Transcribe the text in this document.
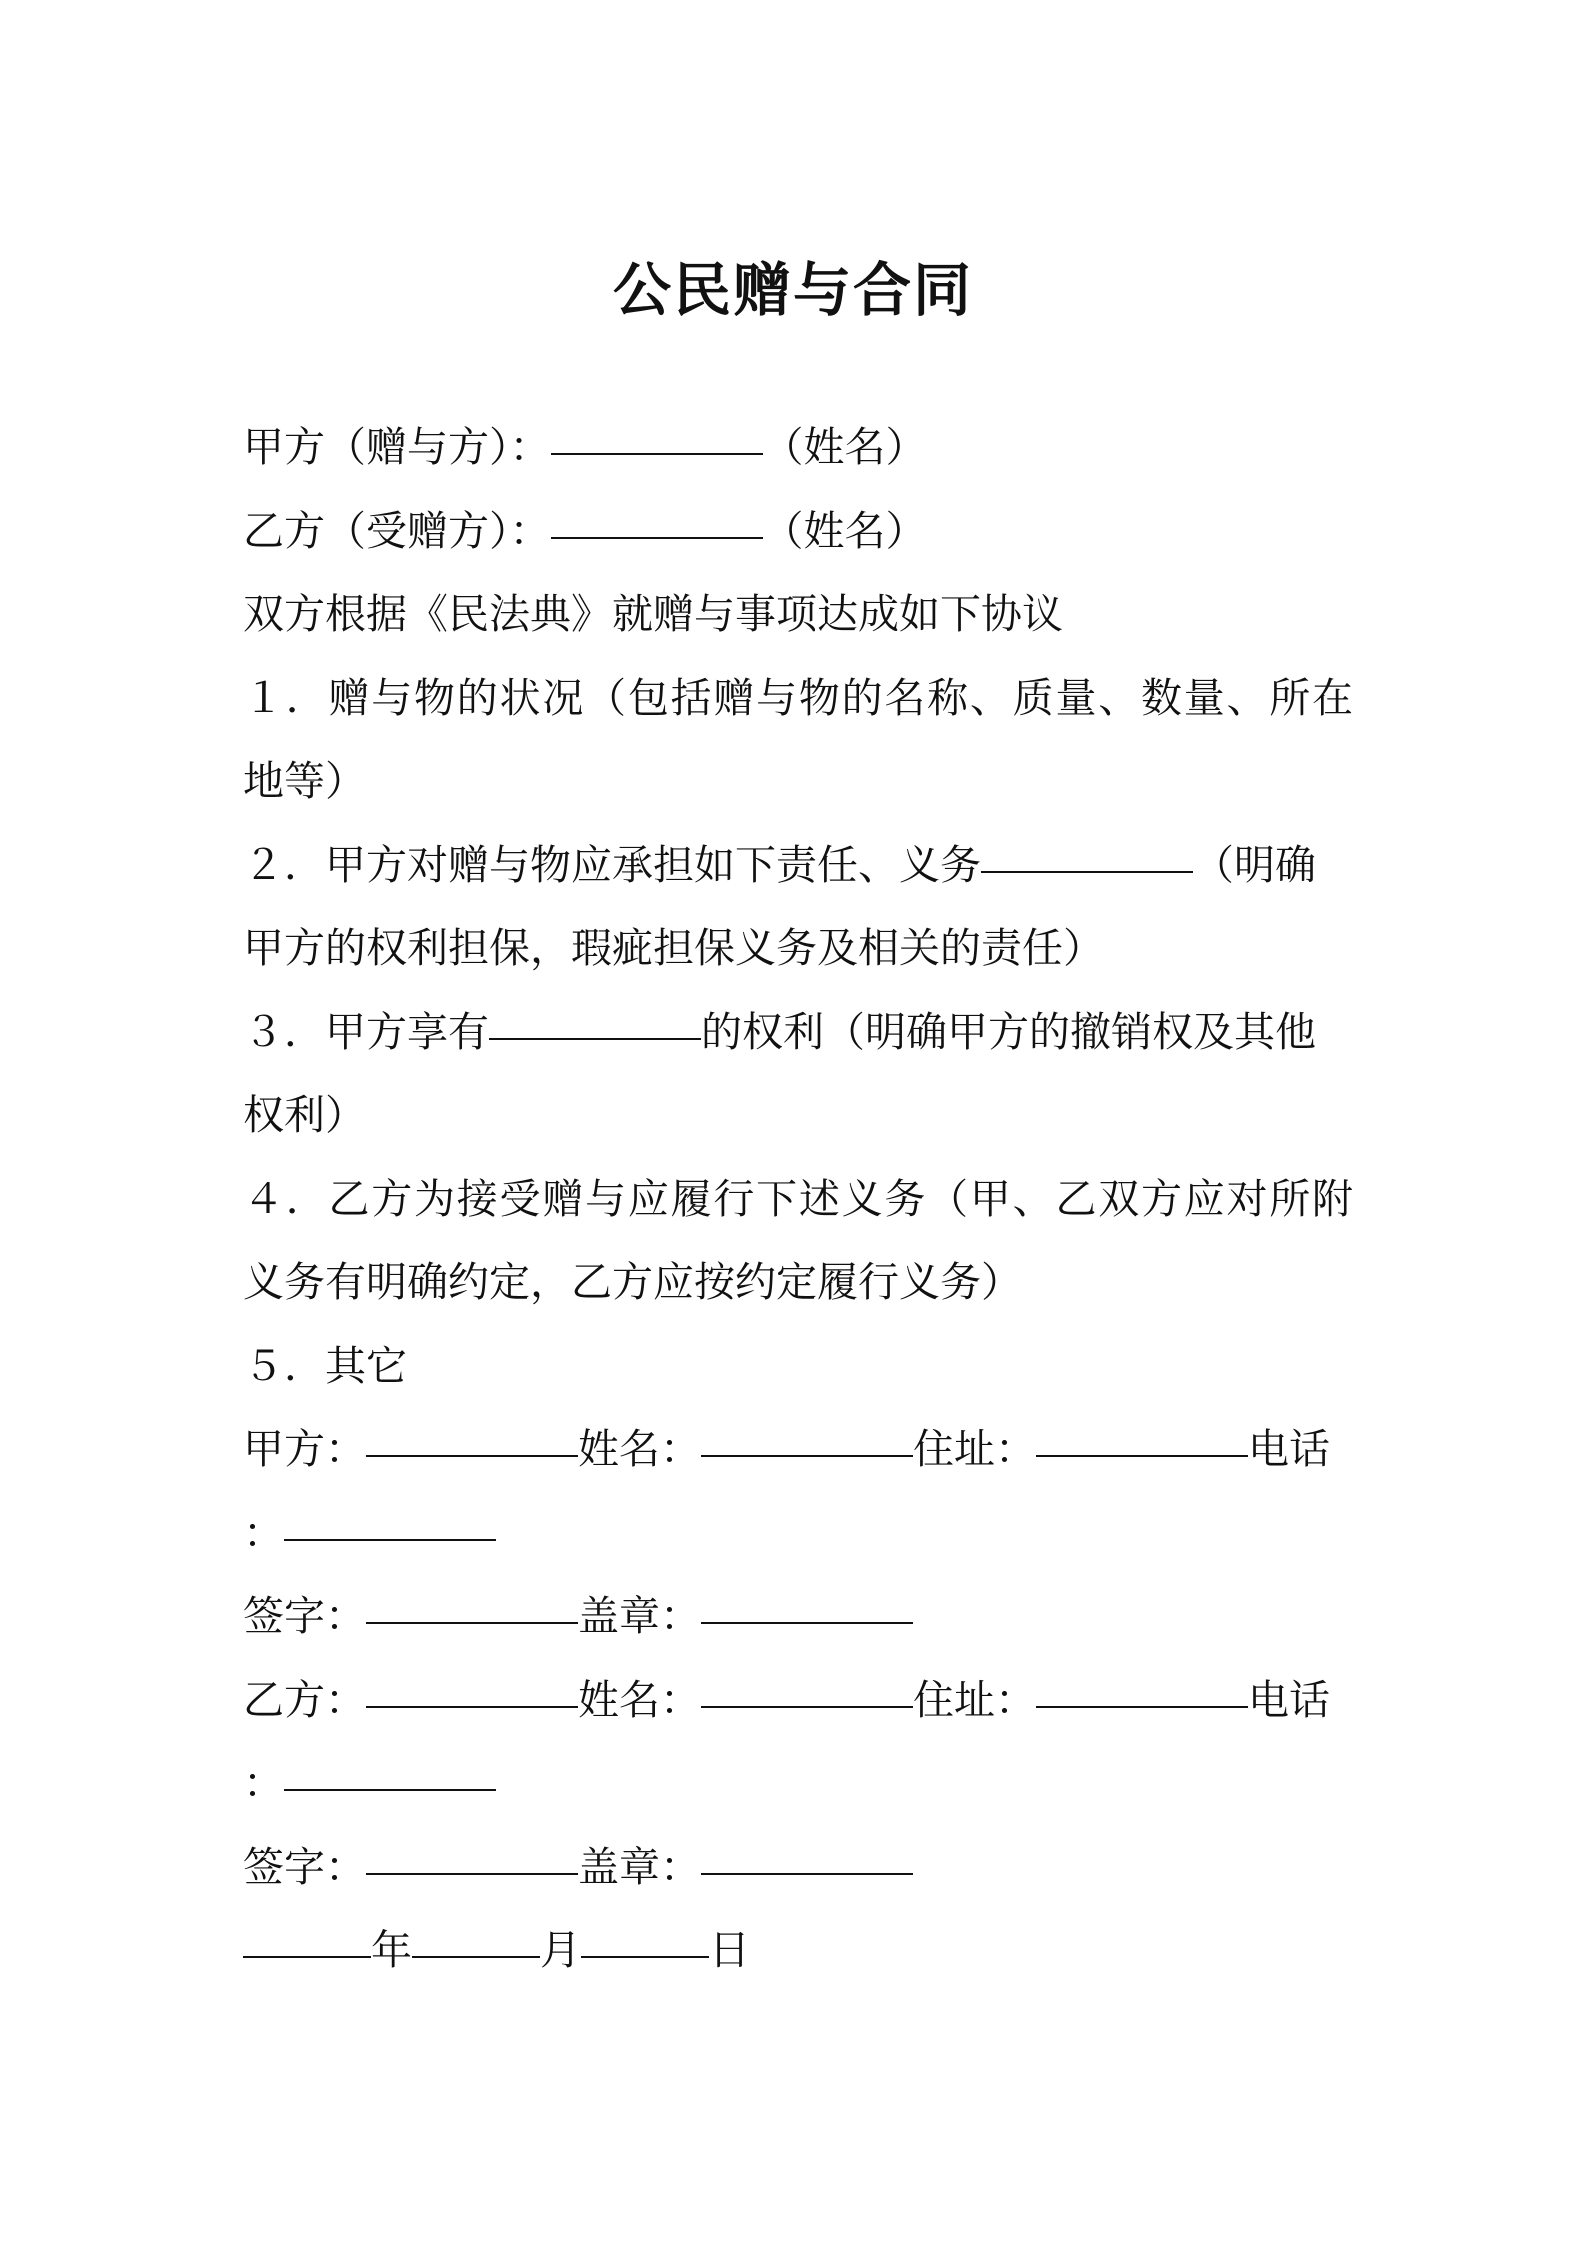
公民赠与合同

甲方（赠与方）：	（姓名）

乙方（受赠方）：	（姓名）

双方根据《民法典》就赠与事项达成如下协议

１．赠与物的状况（包括赠与物的名称、质量、数量、所在

地等）

２．甲方对赠与物应承担如下责任、义务	（明确

甲方的权利担保，瑕疵担保义务及相关的责任）

３．甲方享有	的权利（明确甲方的撤销权及其他

权利）

４．乙方为接受赠与应履行下述义务（甲、乙双方应对所附

义务有明确约定，乙方应按约定履行义务）

５．其它

甲方：	姓名：	住址：	电话

：

签字：	盖章：

乙方：	姓名：	住址：	电话

：

签字：	盖章：

年	月	日
